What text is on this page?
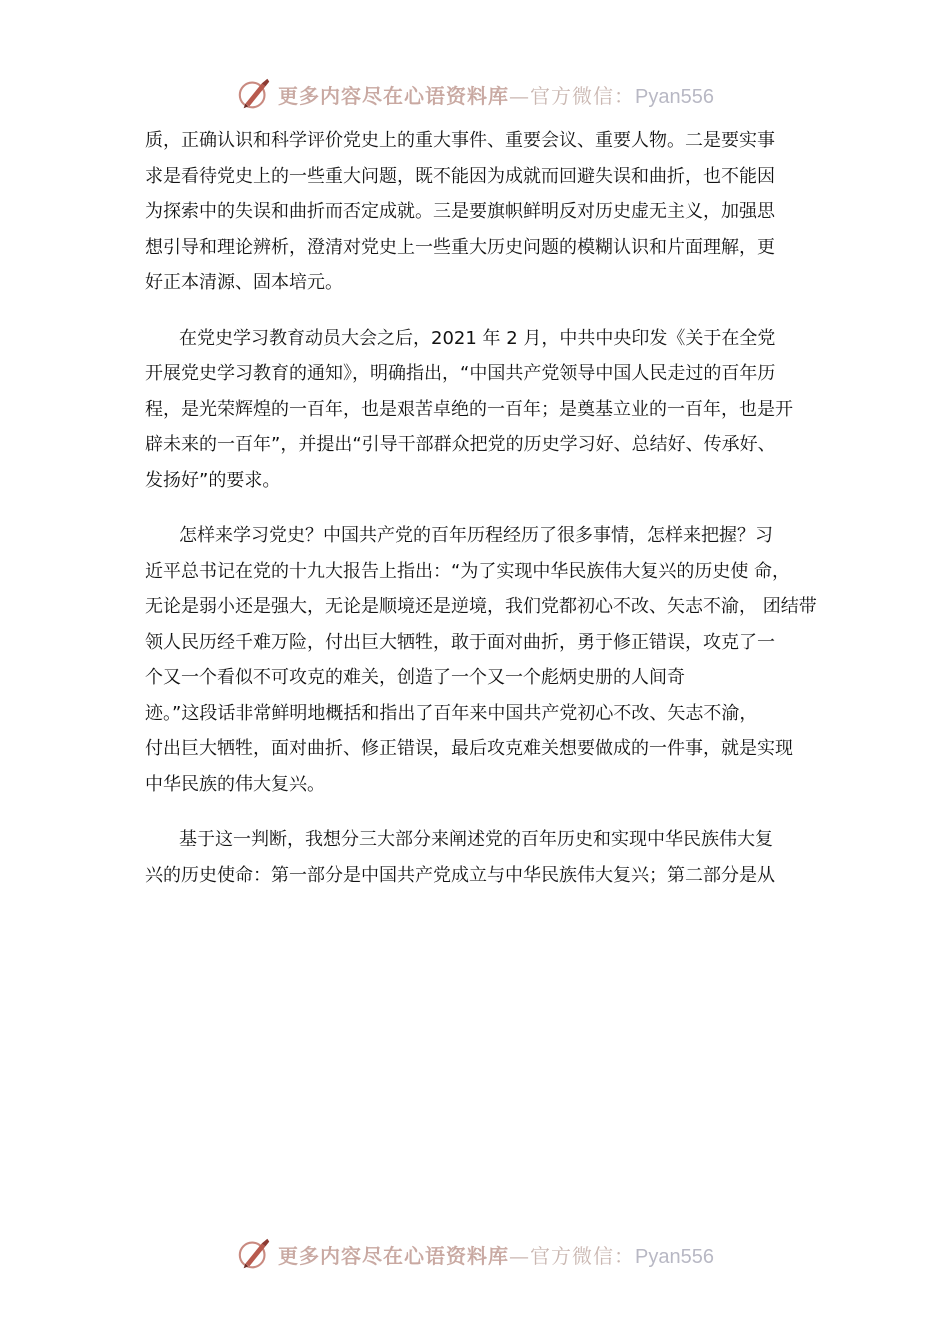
更多内容尽在心语资料库—官方微信：Pyan556
质，正确认识和科学评价党史上的重大事件、重要会议、重要人物。二是要实事
求是看待党史上的一些重大问题，既不能因为成就而回避失误和曲折，也不能因
为探索中的失误和曲折而否定成就。三是要旗帜鲜明反对历史虚无主义，加强思
想引导和理论辨析，澄清对党史上一些重大历史问题的模糊认识和片面理解，更
好正本清源、固本培元。
在党史学习教育动员大会之后，2021 年 2 月，中共中央印发《关于在全党
开展党史学习教育的通知》，明确指出，“中国共产党领导中国人民走过的百年历
程，是光荣辉煌的一百年，也是艰苦卓绝的一百年；是奠基立业的一百年，也是开
辟未来的一百年”，并提出“引导干部群众把党的历史学习好、总结好、传承好、
发扬好”的要求。
怎样来学习党史？中国共产党的百年历程经历了很多事情，怎样来把握？习
近平总书记在党的十九大报告上指出：“为了实现中华民族伟大复兴的历史使 命，
无论是弱小还是强大，无论是顺境还是逆境，我们党都初心不改、矢志不渝， 团结带
领人民历经千难万险，付出巨大牺牲，敢于面对曲折，勇于修正错误，攻克了一
个又一个看似不可攻克的难关，创造了一个又一个彪炳史册的人间奇
迹。”这段话非常鲜明地概括和指出了百年来中国共产党初心不改、矢志不渝，
付出巨大牺牲，面对曲折、修正错误，最后攻克难关想要做成的一件事，就是实现
中华民族的伟大复兴。
基于这一判断，我想分三大部分来阐述党的百年历史和实现中华民族伟大复
兴的历史使命：第一部分是中国共产党成立与中华民族伟大复兴；第二部分是从
更多内容尽在心语资料库—官方微信：Pyan556
